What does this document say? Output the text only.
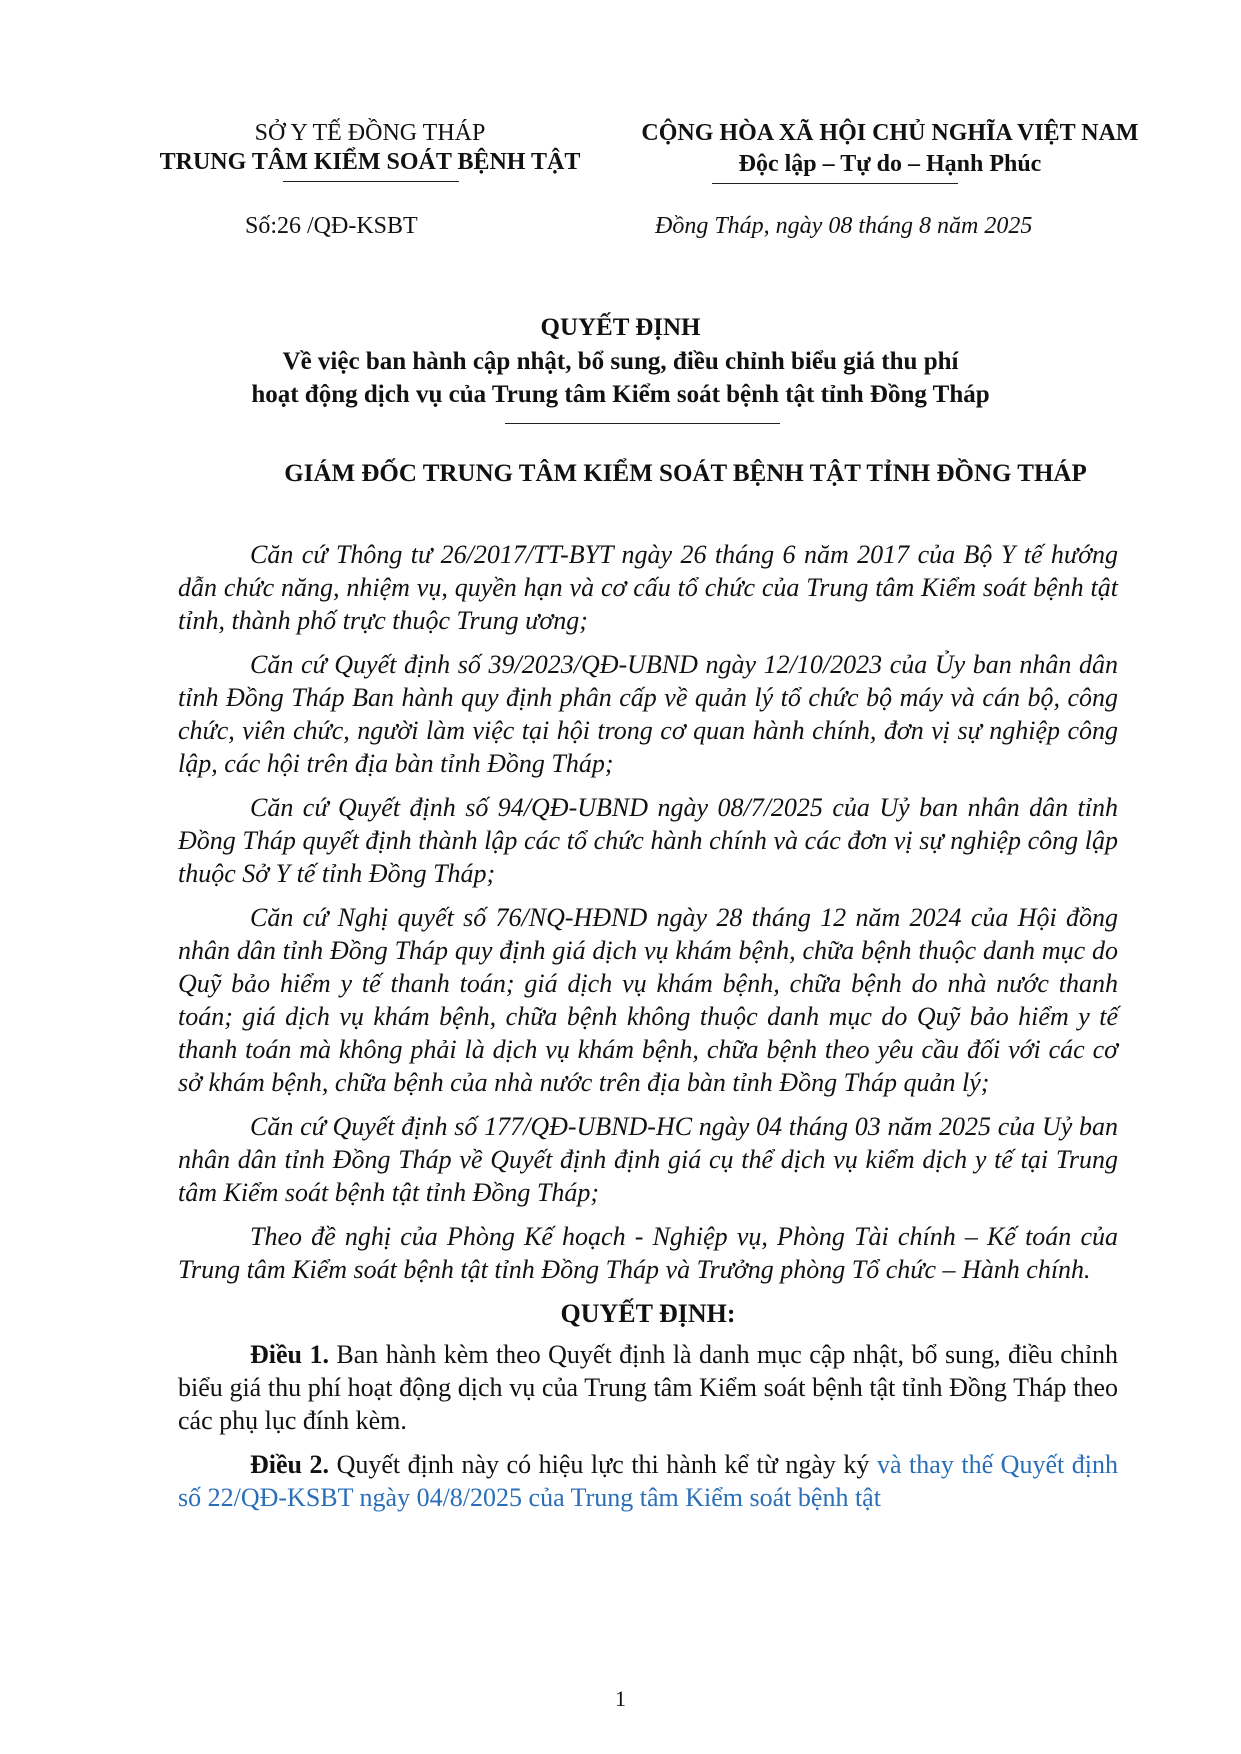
SỞ Y TẾ ĐỒNG THÁP
TRUNG TÂM KIỂM SOÁT BỆNH TẬT
CỘNG HÒA XÃ HỘI CHỦ NGHĨA VIỆT NAM
Độc lập – Tự do – Hạnh Phúc
Số:26 /QĐ-KSBT	Đồng Tháp, ngày 08 tháng 8 năm 2025
QUYẾT ĐỊNH
Về việc ban hành cập nhật, bổ sung, điều chỉnh biểu giá thu phí
hoạt động dịch vụ của Trung tâm Kiểm soát bệnh tật tỉnh Đồng Tháp
GIÁM ĐỐC TRUNG TÂM KIỂM SOÁT BỆNH TẬT TỈNH ĐỒNG THÁP

Căn cứ Thông tư 26/2017/TT-BYT ngày 26 tháng 6 năm 2017 của Bộ Y tế hướng dẫn chức năng, nhiệm vụ, quyền hạn và cơ cấu tổ chức của Trung tâm Kiểm soát bệnh tật tỉnh, thành phố trực thuộc Trung ương;

Căn cứ Quyết định số 39/2023/QĐ-UBND ngày 12/10/2023 của Ủy ban nhân dân tỉnh Đồng Tháp Ban hành quy định phân cấp về quản lý tổ chức bộ máy và cán bộ, công chức, viên chức, người làm việc tại hội trong cơ quan hành chính, đơn vị sự nghiệp công lập, các hội trên địa bàn tỉnh Đồng Tháp;

Căn cứ Quyết định số 94/QĐ-UBND ngày 08/7/2025 của Uỷ ban nhân dân tỉnh Đồng Tháp quyết định thành lập các tổ chức hành chính và các đơn vị sự nghiệp công lập thuộc Sở Y tế tỉnh Đồng Tháp;

Căn cứ Nghị quyết số 76/NQ-HĐND ngày 28 tháng 12 năm 2024 của Hội đồng nhân dân tỉnh Đồng Tháp quy định giá dịch vụ khám bệnh, chữa bệnh thuộc danh mục do Quỹ bảo hiểm y tế thanh toán; giá dịch vụ khám bệnh, chữa bệnh do nhà nước thanh toán; giá dịch vụ khám bệnh, chữa bệnh không thuộc danh mục do Quỹ bảo hiểm y tế thanh toán mà không phải là dịch vụ khám bệnh, chữa bệnh theo yêu cầu đối với các cơ sở khám bệnh, chữa bệnh của nhà nước trên địa bàn tỉnh Đồng Tháp quản lý;

Căn cứ Quyết định số 177/QĐ-UBND-HC ngày 04 tháng 03 năm 2025 của Uỷ ban nhân dân tỉnh Đồng Tháp về Quyết định định giá cụ thể dịch vụ kiểm dịch y tế tại Trung tâm Kiểm soát bệnh tật tỉnh Đồng Tháp;

Theo đề nghị của Phòng Kế hoạch - Nghiệp vụ, Phòng Tài chính – Kế toán của Trung tâm Kiểm soát bệnh tật tỉnh Đồng Tháp và Trưởng phòng Tổ chức – Hành chính.

QUYẾT ĐỊNH:

Điều 1. Ban hành kèm theo Quyết định là danh mục cập nhật, bổ sung, điều chỉnh biểu giá thu phí hoạt động dịch vụ của Trung tâm Kiểm soát bệnh tật tỉnh Đồng Tháp theo các phụ lục đính kèm.

Điều 2. Quyết định này có hiệu lực thi hành kể từ ngày ký và thay thế Quyết định số 22/QĐ-KSBT ngày 04/8/2025 của Trung tâm Kiểm soát bệnh tật

1
